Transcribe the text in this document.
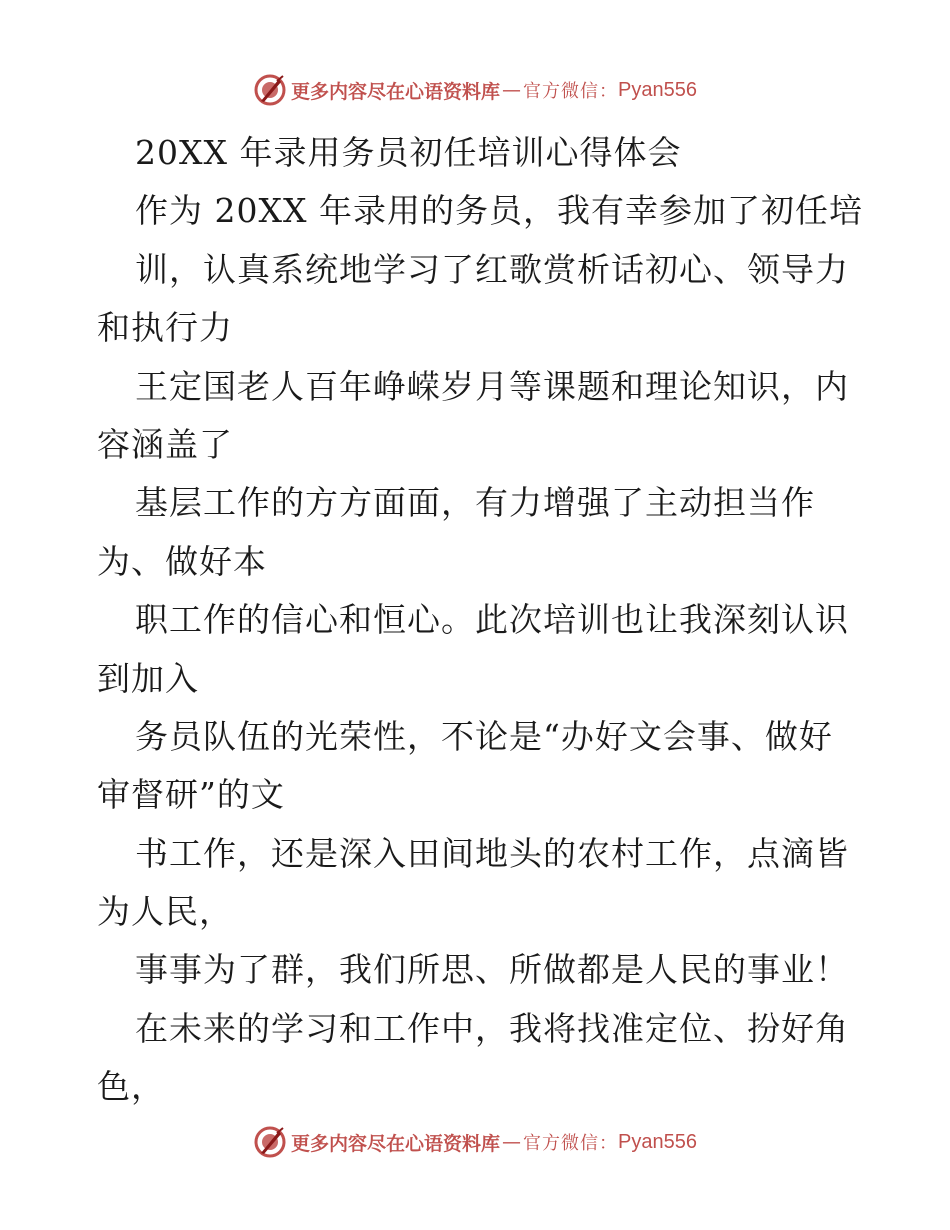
更多内容尽在心语资料库 — 官方微信： Pyan556
20XX 年录用务员初任培训心得体会
作为 20XX 年录用的务员，我有幸参加了初任培
训，认真系统地学习了红歌赏析话初心、领导力
和执行力
王定国老人百年峥嵘岁月等课题和理论知识，内
容涵盖了
基层工作的方方面面，有力增强了主动担当作
为、做好本
职工作的信心和恒心。此次培训也让我深刻认识
到加入
务员队伍的光荣性，不论是“办好文会事、做好
审督研”的文
书工作，还是深入田间地头的农村工作，点滴皆
为人民，
事事为了群，我们所思、所做都是人民的事业！
在未来的学习和工作中，我将找准定位、扮好角
色，
更多内容尽在心语资料库 — 官方微信： Pyan556
